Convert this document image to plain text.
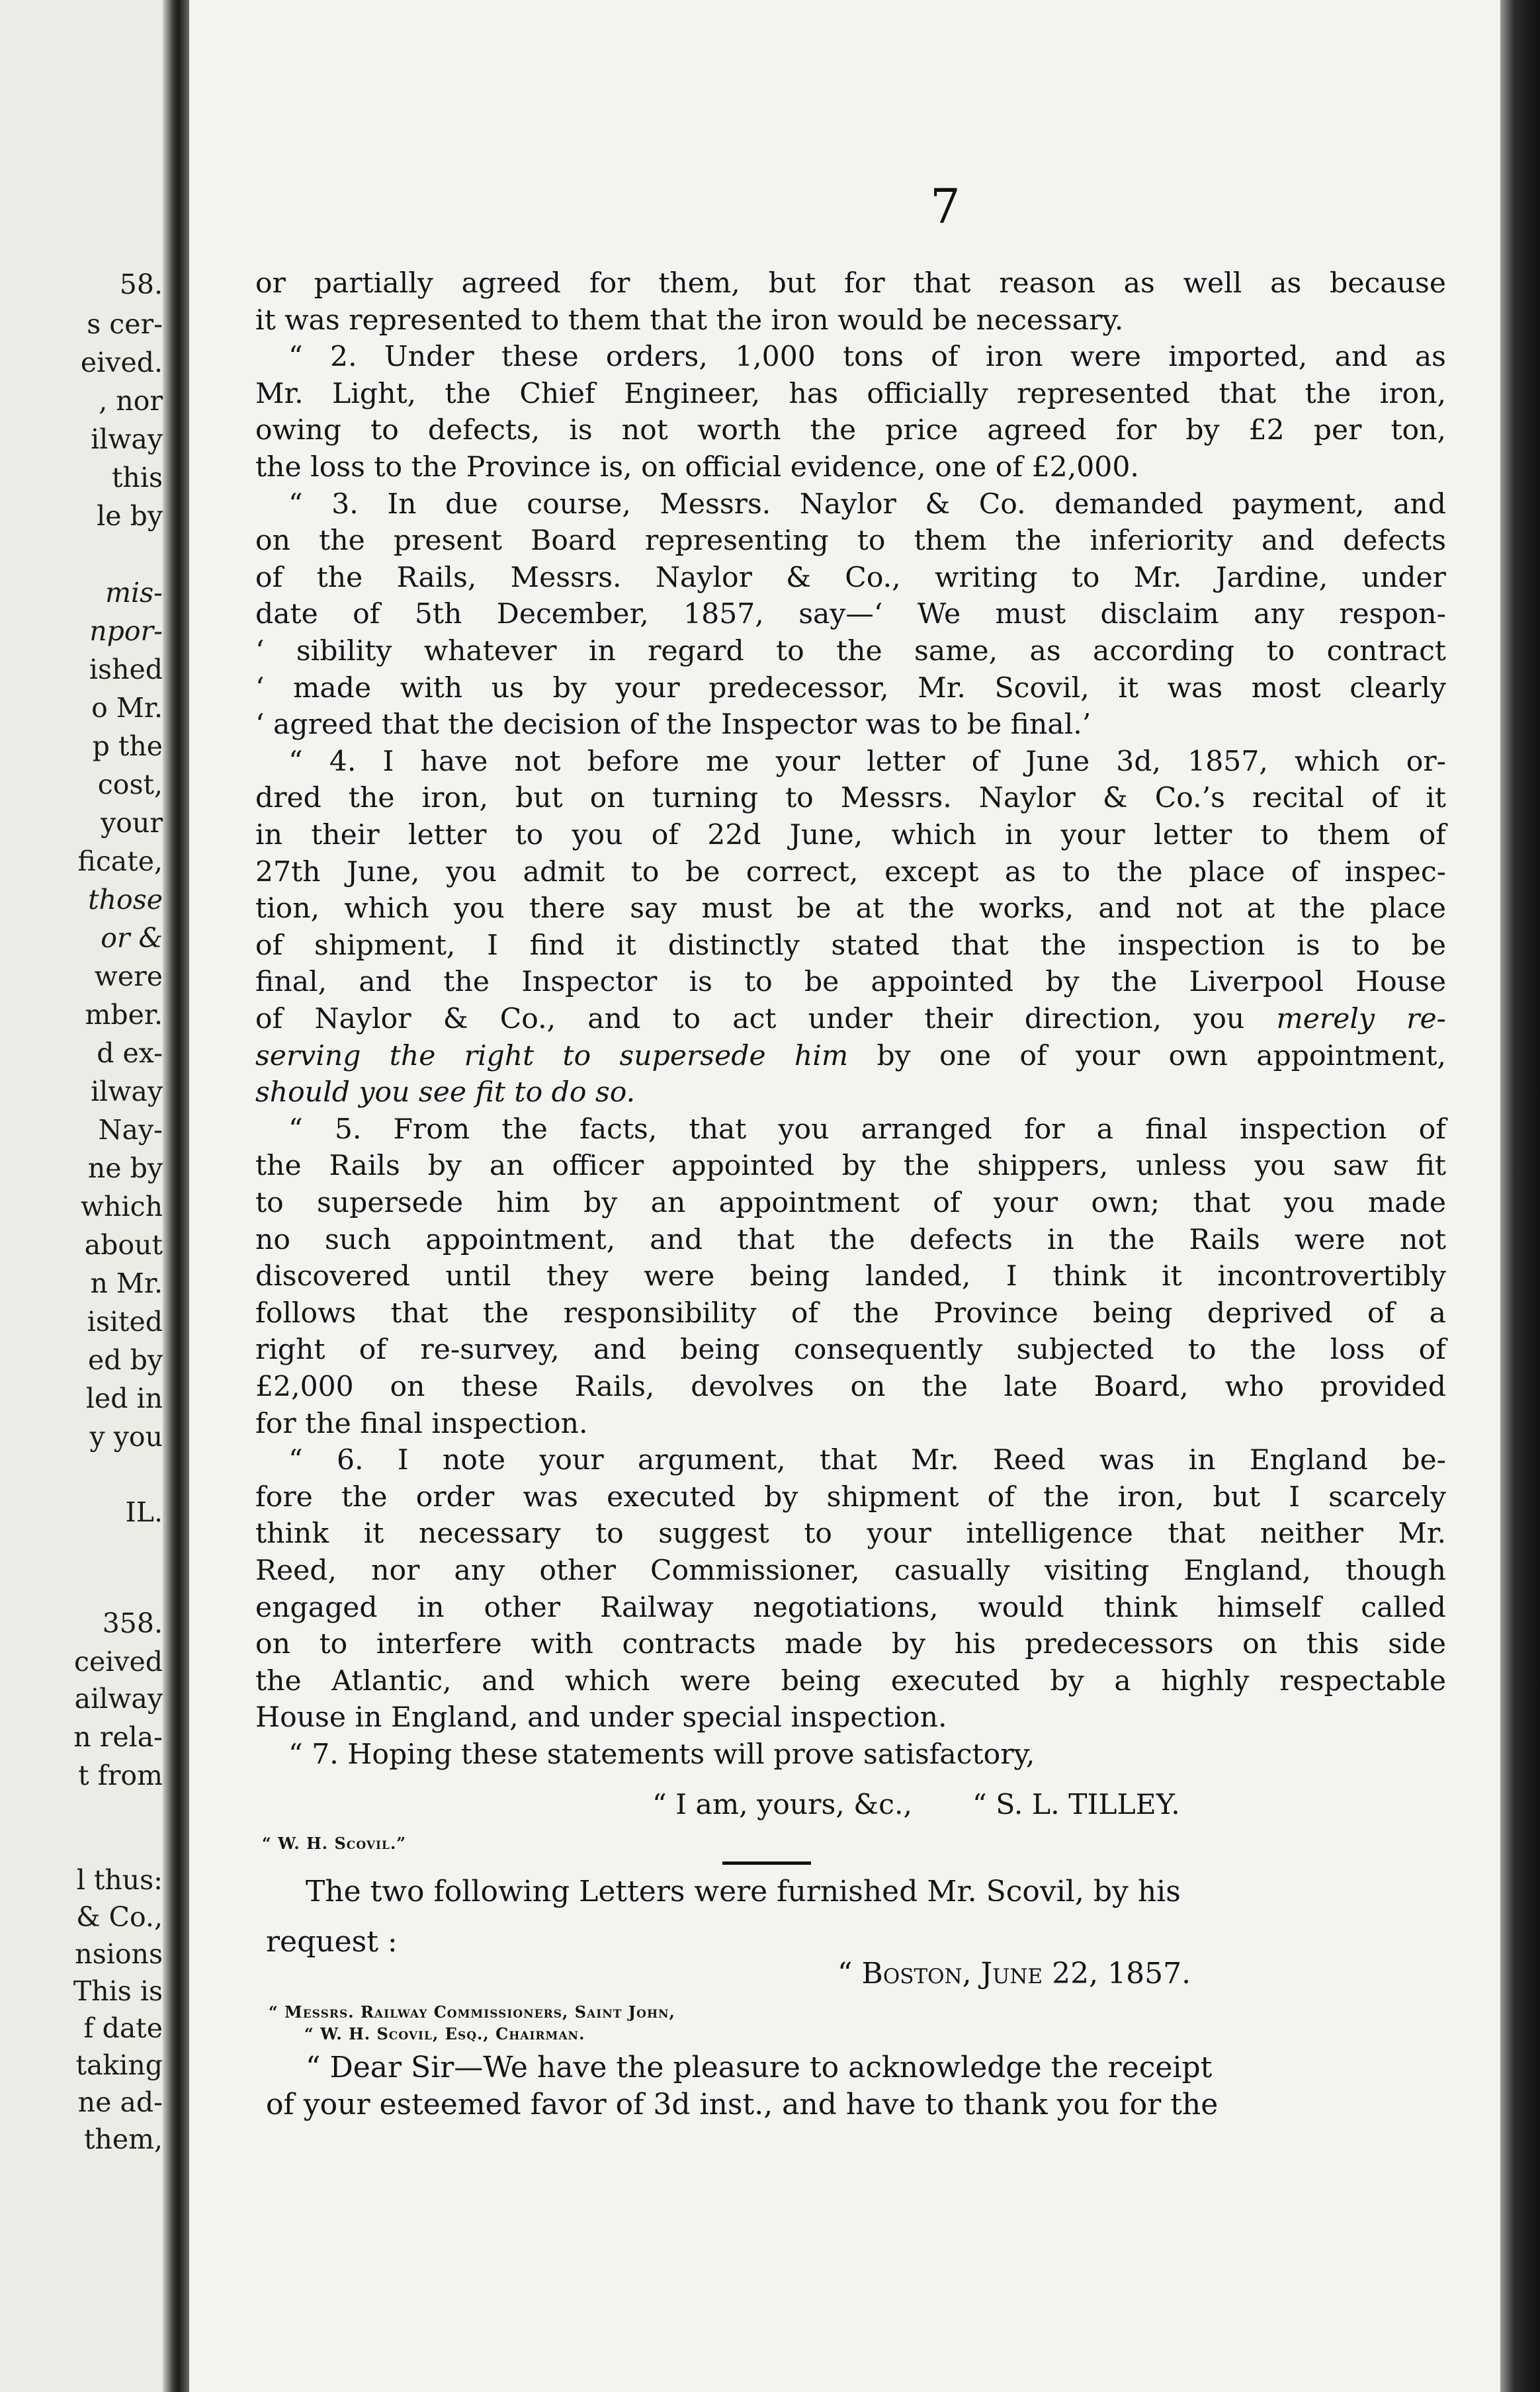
58.
s cer-
eived.
, nor
ilway
this
le by
mis-
npor-
ished
o Mr.
p the
cost,
your
ficate,
those
or &
were
mber.
d ex-
ilway
Nay-
ne by
which
about
n Mr.
isited
ed by
led in
y you
IL.
358.
ceived
ailway
n rela-
t from
l thus:
& Co.,
nsions
This is
f date
taking
ne ad-
them,
7
“ I am, yours, &c., “ S. L. TILLEY.
“ W. H. Scovil.”
The two following Letters were furnished Mr. Scovil, by his
request :
“ Boston, June 22, 1857.
“ Messrs. Railway Commissioners, Saint John,
“ W. H. Scovil, Esq., Chairman.
“ Dear Sir—We have the pleasure to acknowledge the receipt
of your esteemed favor of 3d inst., and have to thank you for the
or partially agreed for them, but for that reason as well as because
it was represented to them that the iron would be necessary.
“ 2. Under these orders, 1,000 tons of iron were imported, and as
Mr. Light, the Chief Engineer, has officially represented that the iron,
owing to defects, is not worth the price agreed for by £2 per ton,
the loss to the Province is, on official evidence, one of £2,000.
“ 3. In due course, Messrs. Naylor & Co. demanded payment, and
on the present Board representing to them the inferiority and defects
of the Rails, Messrs. Naylor & Co., writing to Mr. Jardine, under
date of 5th December, 1857, say—‘ We must disclaim any respon-
‘ sibility whatever in regard to the same, as according to contract
‘ made with us by your predecessor, Mr. Scovil, it was most clearly
‘ agreed that the decision of the Inspector was to be final.’
“ 4. I have not before me your letter of June 3d, 1857, which or-
dred the iron, but on turning to Messrs. Naylor & Co.’s recital of it
in their letter to you of 22d June, which in your letter to them of
27th June, you admit to be correct, except as to the place of inspec-
tion, which you there say must be at the works, and not at the place
of shipment, I find it distinctly stated that the inspection is to be
final, and the Inspector is to be appointed by the Liverpool House
of Naylor & Co., and to act under their direction, you merely re-
serving the right to supersede him by one of your own appointment,
should you see fit to do so.
“ 5. From the facts, that you arranged for a final inspection of
the Rails by an officer appointed by the shippers, unless you saw fit
to supersede him by an appointment of your own; that you made
no such appointment, and that the defects in the Rails were not
discovered until they were being landed, I think it incontrovertibly
follows that the responsibility of the Province being deprived of a
right of re-survey, and being consequently subjected to the loss of
£2,000 on these Rails, devolves on the late Board, who provided
for the final inspection.
“ 6. I note your argument, that Mr. Reed was in England be-
fore the order was executed by shipment of the iron, but I scarcely
think it necessary to suggest to your intelligence that neither Mr.
Reed, nor any other Commissioner, casually visiting England, though
engaged in other Railway negotiations, would think himself called
on to interfere with contracts made by his predecessors on this side
the Atlantic, and which were being executed by a highly respectable
House in England, and under special inspection.
“ 7. Hoping these statements will prove satisfactory,
